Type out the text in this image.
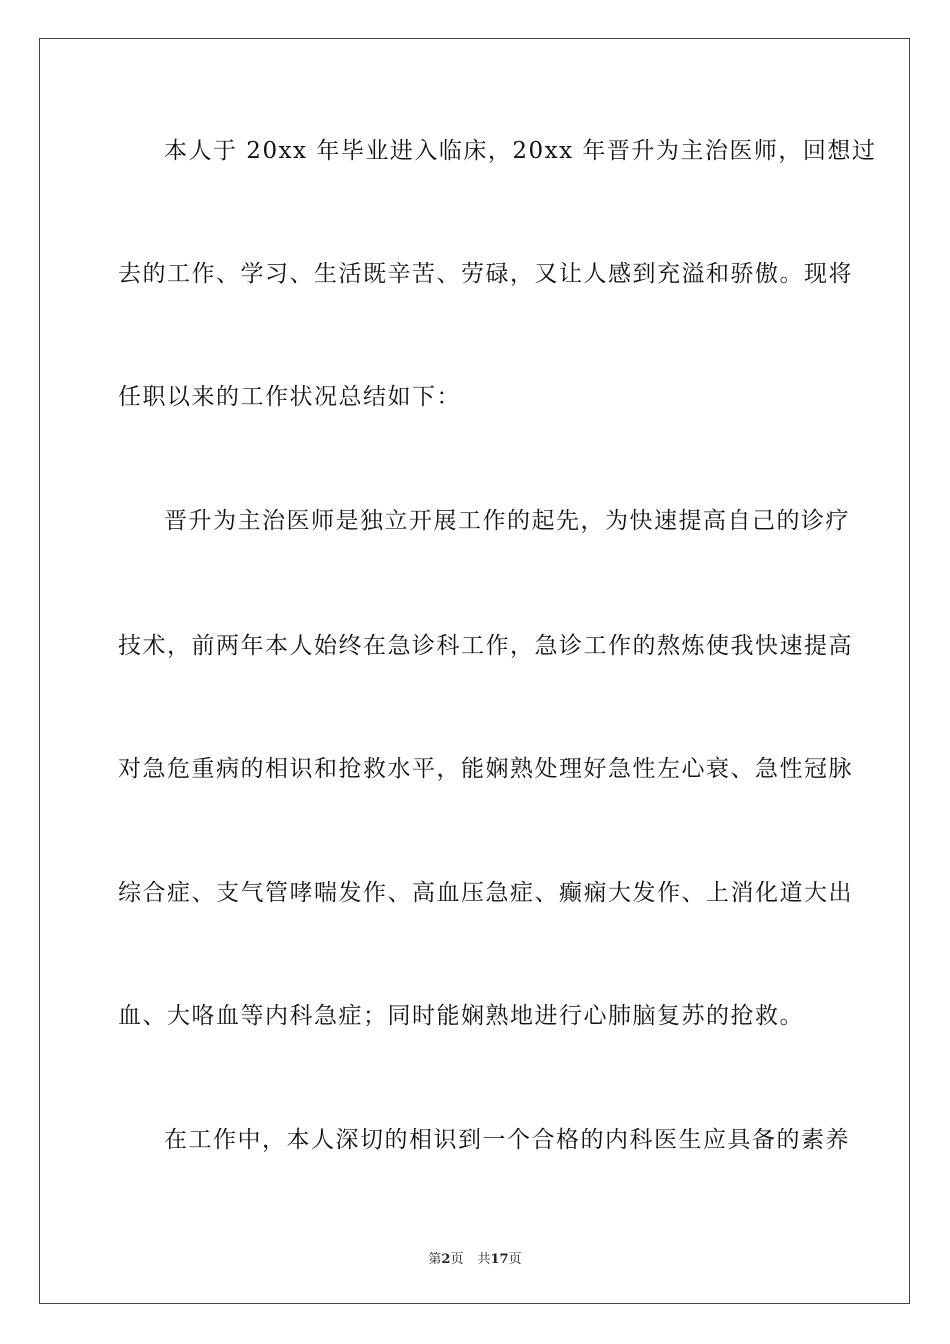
本人于 20xx 年毕业进入临床，20xx 年晋升为主治医师，回想过
去的工作、学习、生活既辛苦、劳碌，又让人感到充溢和骄傲。现将
任职以来的工作状况总结如下：
晋升为主治医师是独立开展工作的起先，为快速提高自己的诊疗
技术，前两年本人始终在急诊科工作，急诊工作的熬炼使我快速提高
对急危重病的相识和抢救水平，能娴熟处理好急性左心衰、急性冠脉
综合症、支气管哮喘发作、高血压急症、癫痫大发作、上消化道大出
血、大咯血等内科急症；同时能娴熟地进行心肺脑复苏的抢救。
在工作中，本人深切的相识到一个合格的内科医生应具备的素养
第2页 共17页
